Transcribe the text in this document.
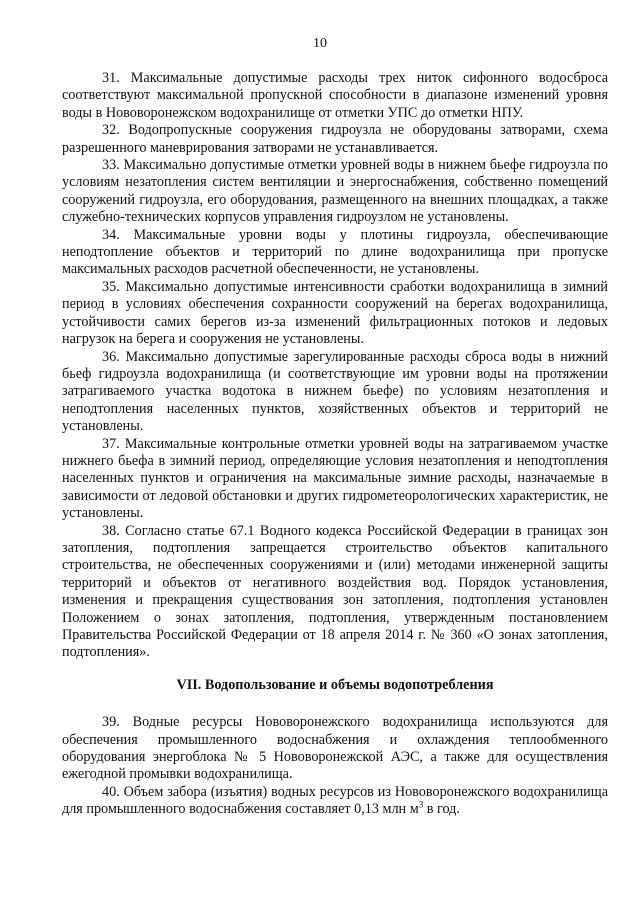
10

31. Максимальные допустимые расходы трех ниток сифонного водосброса соответствуют максимальной пропускной способности в диапазоне изменений уровня воды в Нововоронежском водохранилище от отметки УПС до отметки НПУ.

32. Водопропускные сооружения гидроузла не оборудованы затворами, схема разрешенного маневрирования затворами не устанавливается.

33. Максимально допустимые отметки уровней воды в нижнем бьефе гидроузла по условиям незатопления систем вентиляции и энергоснабжения, собственно помещений сооружений гидроузла, его оборудования, размещенного на внешних площадках, а также служебно-технических корпусов управления гидроузлом не установлены.

34. Максимальные уровни воды у плотины гидроузла, обеспечивающие неподтопление объектов и территорий по длине водохранилища при пропуске максимальных расходов расчетной обеспеченности, не установлены.

35. Максимально допустимые интенсивности сработки водохранилища в зимний период в условиях обеспечения сохранности сооружений на берегах водохранилища, устойчивости самих берегов из-за изменений фильтрационных потоков и ледовых нагрузок на берега и сооружения не установлены.

36. Максимально допустимые зарегулированные расходы сброса воды в нижний бьеф гидроузла водохранилища (и соответствующие им уровни воды на протяжении затрагиваемого участка водотока в нижнем бьефе) по условиям незатопления и неподтопления населенных пунктов, хозяйственных объектов и территорий не установлены.

37. Максимальные контрольные отметки уровней воды на затрагиваемом участке нижнего бьефа в зимний период, определяющие условия незатопления и неподтопления населенных пунктов и ограничения на максимальные зимние расходы, назначаемые в зависимости от ледовой обстановки и других гидрометеорологических характеристик, не установлены.

38. Согласно статье 67.1 Водного кодекса Российской Федерации в границах зон затопления, подтопления запрещается строительство объектов капитального строительства, не обеспеченных сооружениями и (или) методами инженерной защиты территорий и объектов от негативного воздействия вод. Порядок установления, изменения и прекращения существования зон затопления, подтопления установлен Положением о зонах затопления, подтопления, утвержденным постановлением Правительства Российской Федерации от 18 апреля 2014 г. № 360 «О зонах затопления, подтопления».

VII. Водопользование и объемы водопотребления

39. Водные ресурсы Нововоронежского водохранилища используются для обеспечения промышленного водоснабжения и охлаждения теплообменного оборудования энергоблока № 5 Нововоронежской АЭС, а также для осуществления ежегодной промывки водохранилища.

40. Объем забора (изъятия) водных ресурсов из Нововоронежского водохранилища для промышленного водоснабжения составляет 0,13 млн $м^3$ в год.
